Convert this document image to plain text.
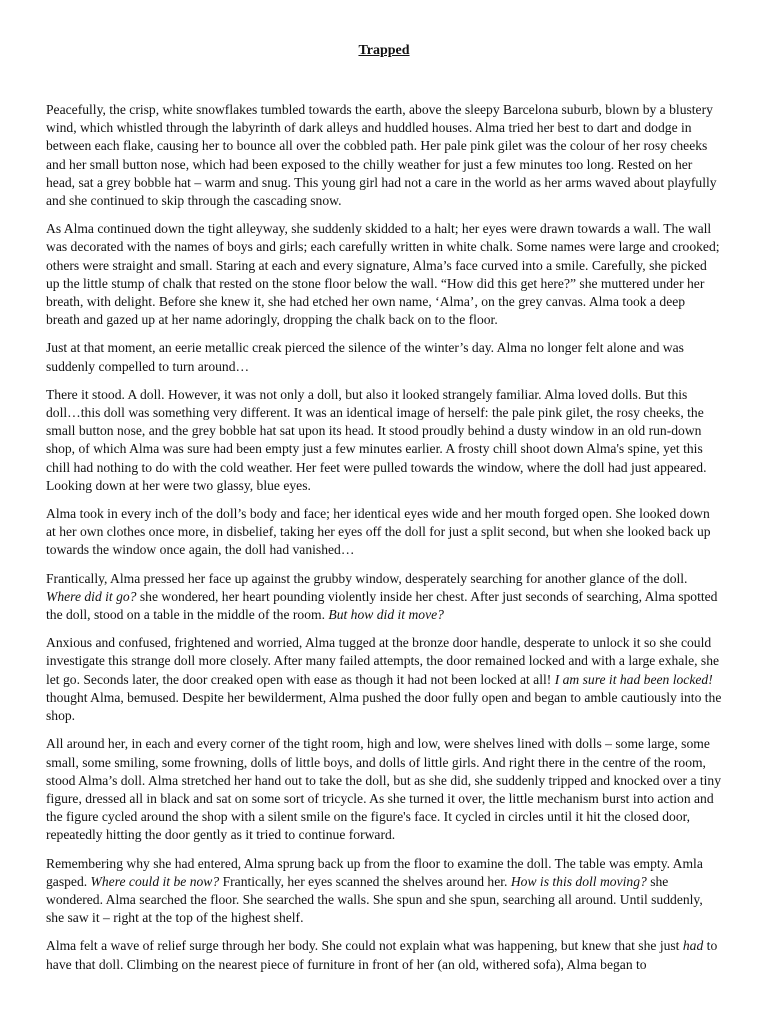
Trapped

Peacefully, the crisp, white snowflakes tumbled towards the earth, above the sleepy Barcelona suburb, blown by a blustery wind, which whistled through the labyrinth of dark alleys and huddled houses. Alma tried her best to dart and dodge in between each flake, causing her to bounce all over the cobbled path. Her pale pink gilet was the colour of her rosy cheeks and her small button nose, which had been exposed to the chilly weather for just a few minutes too long. Rested on her head, sat a grey bobble hat – warm and snug. This young girl had not a care in the world as her arms waved about playfully and she continued to skip through the cascading snow.

As Alma continued down the tight alleyway, she suddenly skidded to a halt; her eyes were drawn towards a wall. The wall was decorated with the names of boys and girls; each carefully written in white chalk. Some names were large and crooked; others were straight and small. Staring at each and every signature, Alma’s face curved into a smile. Carefully, she picked up the little stump of chalk that rested on the stone floor below the wall. “How did this get here?” she muttered under her breath, with delight. Before she knew it, she had etched her own name, ‘Alma’, on the grey canvas. Alma took a deep breath and gazed up at her name adoringly, dropping the chalk back on to the floor.

Just at that moment, an eerie metallic creak pierced the silence of the winter’s day. Alma no longer felt alone and was suddenly compelled to turn around…

There it stood. A doll. However, it was not only a doll, but also it looked strangely familiar. Alma loved dolls. But this doll…this doll was something very different. It was an identical image of herself: the pale pink gilet, the rosy cheeks, the small button nose, and the grey bobble hat sat upon its head. It stood proudly behind a dusty window in an old run-down shop, of which Alma was sure had been empty just a few minutes earlier. A frosty chill shoot down Alma's spine, yet this chill had nothing to do with the cold weather. Her feet were pulled towards the window, where the doll had just appeared. Looking down at her were two glassy, blue eyes.

Alma took in every inch of the doll’s body and face; her identical eyes wide and her mouth forged open. She looked down at her own clothes once more, in disbelief, taking her eyes off the doll for just a split second, but when she looked back up towards the window once again, the doll had vanished…

Frantically, Alma pressed her face up against the grubby window, desperately searching for another glance of the doll. Where did it go? she wondered, her heart pounding violently inside her chest. After just seconds of searching, Alma spotted the doll, stood on a table in the middle of the room. But how did it move?

Anxious and confused, frightened and worried, Alma tugged at the bronze door handle, desperate to unlock it so she could investigate this strange doll more closely. After many failed attempts, the door remained locked and with a large exhale, she let go. Seconds later, the door creaked open with ease as though it had not been locked at all! I am sure it had been locked! thought Alma, bemused. Despite her bewilderment, Alma pushed the door fully open and began to amble cautiously into the shop.

All around her, in each and every corner of the tight room, high and low, were shelves lined with dolls – some large, some small, some smiling, some frowning, dolls of little boys, and dolls of little girls. And right there in the centre of the room, stood Alma’s doll. Alma stretched her hand out to take the doll, but as she did, she suddenly tripped and knocked over a tiny figure, dressed all in black and sat on some sort of tricycle. As she turned it over, the little mechanism burst into action and the figure cycled around the shop with a silent smile on the figure's face. It cycled in circles until it hit the closed door, repeatedly hitting the door gently as it tried to continue forward.

Remembering why she had entered, Alma sprung back up from the floor to examine the doll. The table was empty. Amla gasped. Where could it be now? Frantically, her eyes scanned the shelves around her. How is this doll moving? she wondered. Alma searched the floor. She searched the walls. She spun and she spun, searching all around. Until suddenly, she saw it – right at the top of the highest shelf.

Alma felt a wave of relief surge through her body. She could not explain what was happening, but knew that she just had to have that doll. Climbing on the nearest piece of furniture in front of her (an old, withered sofa), Alma began to
